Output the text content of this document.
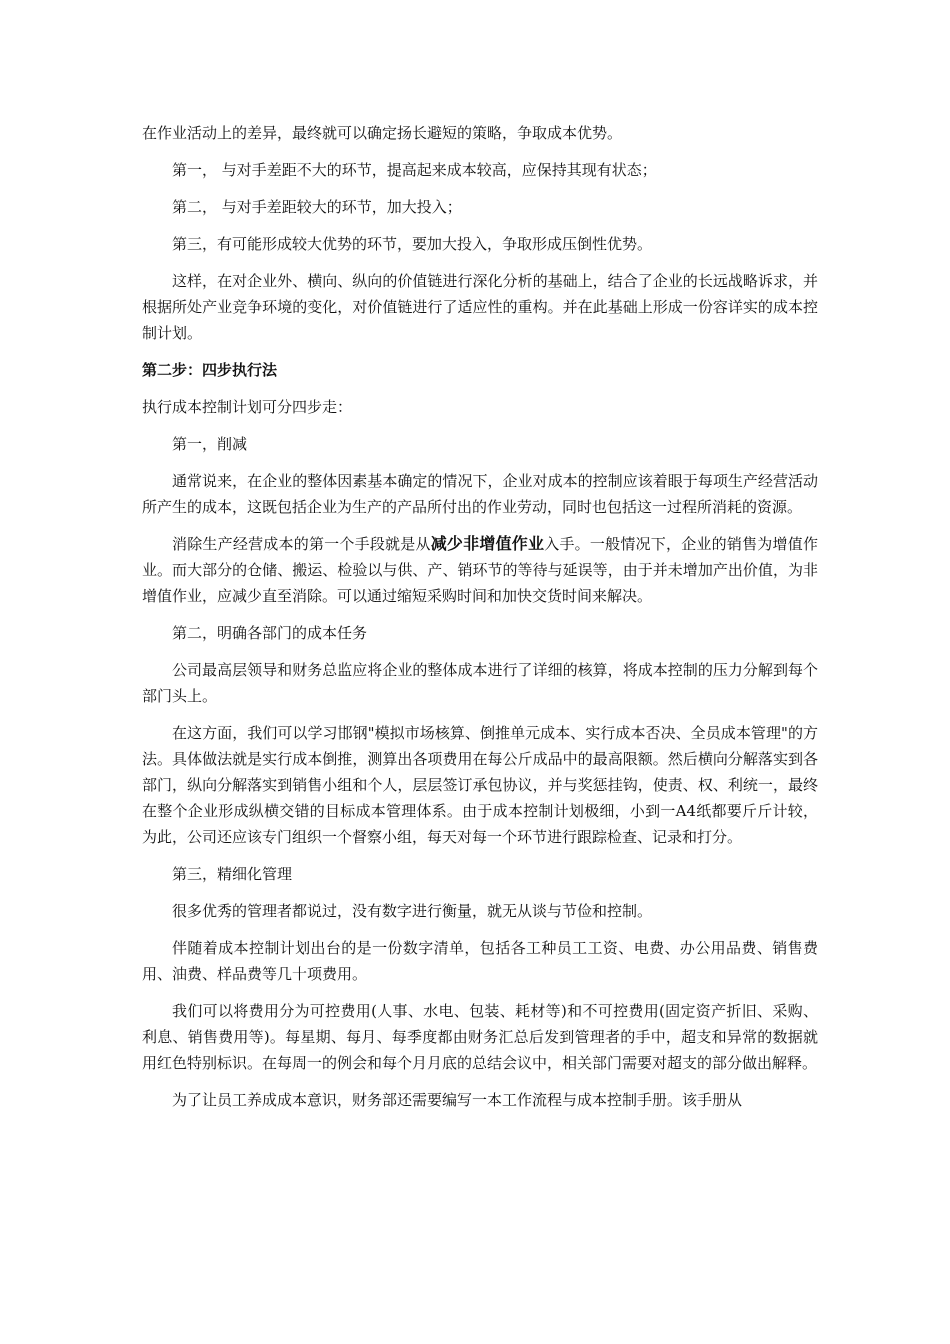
在作业活动上的差异，最终就可以确定扬长避短的策略，争取成本优势。

第一， 与对手差距不大的环节，提高起来成本较高，应保持其现有状态；

第二， 与对手差距较大的环节，加大投入；

第三，有可能形成较大优势的环节，要加大投入，争取形成压倒性优势。

这样，在对企业外、横向、纵向的价值链进行深化分析的基础上，结合了企业的长远战略诉求，并根据所处产业竞争环境的变化，对价值链进行了适应性的重构。并在此基础上形成一份容详实的成本控制计划。

第二步：四步执行法

执行成本控制计划可分四步走：

第一，削减

通常说来，在企业的整体因素基本确定的情况下，企业对成本的控制应该着眼于每项生产经营活动所产生的成本，这既包括企业为生产的产品所付出的作业劳动，同时也包括这一过程所消耗的资源。

消除生产经营成本的第一个手段就是从减少非增值作业入手。一般情况下，企业的销售为增值作业。而大部分的仓储、搬运、检验以与供、产、销环节的等待与延误等，由于并未增加产出价值，为非增值作业，应减少直至消除。可以通过缩短采购时间和加快交货时间来解决。

第二，明确各部门的成本任务

公司最高层领导和财务总监应将企业的整体成本进行了详细的核算，将成本控制的压力分解到每个部门头上。

在这方面，我们可以学习邯钢"模拟市场核算、倒推单元成本、实行成本否决、全员成本管理"的方法。具体做法就是实行成本倒推，测算出各项费用在每公斤成品中的最高限额。然后横向分解落实到各部门，纵向分解落实到销售小组和个人，层层签订承包协议，并与奖惩挂钩，使责、权、利统一，最终在整个企业形成纵横交错的目标成本管理体系。由于成本控制计划极细，小到一A4纸都要斤斤计较，为此，公司还应该专门组织一个督察小组，每天对每一个环节进行跟踪检查、记录和打分。

第三，精细化管理

很多优秀的管理者都说过，没有数字进行衡量，就无从谈与节俭和控制。

伴随着成本控制计划出台的是一份数字清单，包括各工种员工工资、电费、办公用品费、销售费用、油费、样品费等几十项费用。

我们可以将费用分为可控费用(人事、水电、包装、耗材等)和不可控费用(固定资产折旧、采购、利息、销售费用等)。每星期、每月、每季度都由财务汇总后发到管理者的手中，超支和异常的数据就用红色特别标识。在每周一的例会和每个月月底的总结会议中，相关部门需要对超支的部分做出解释。

为了让员工养成成本意识，财务部还需要编写一本工作流程与成本控制手册。该手册从
